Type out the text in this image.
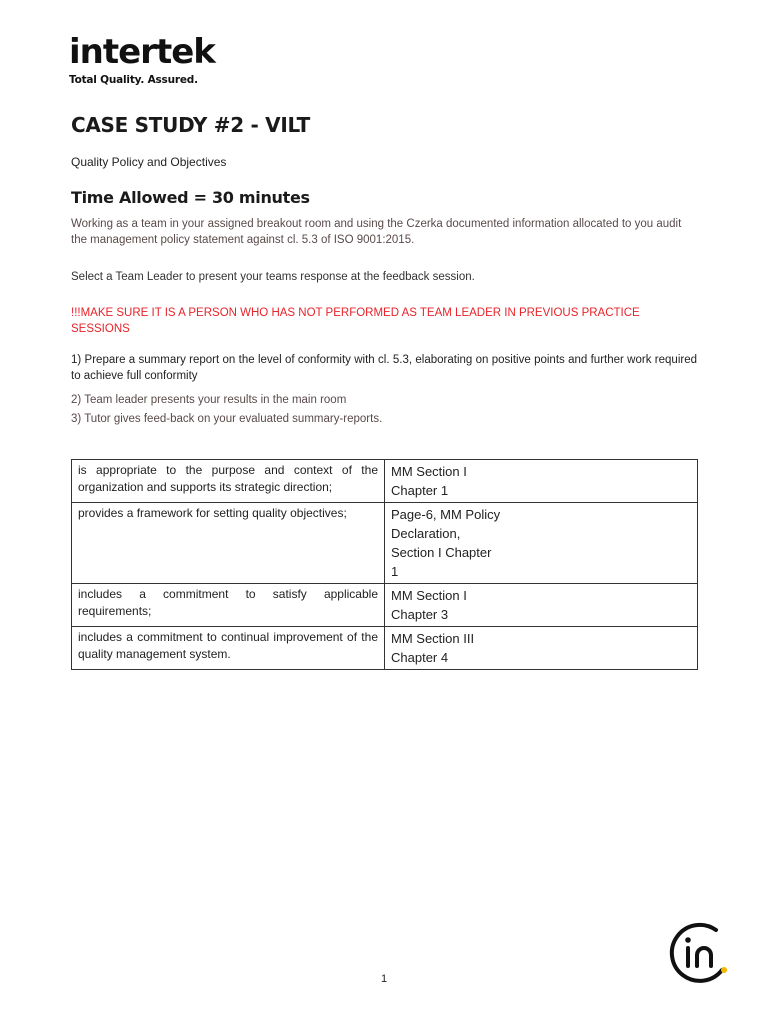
intertek
Total Quality. Assured.
CASE STUDY #2 - VILT
Quality Policy and Objectives
Time Allowed = 30 minutes
Working as a team in your assigned breakout room and using the Czerka documented information allocated to you audit the management policy statement against cl. 5.3 of ISO 9001:2015.
Select a Team Leader to present your teams response at the feedback session.
!!!MAKE SURE IT IS A PERSON WHO HAS NOT PERFORMED AS TEAM LEADER IN PREVIOUS PRACTICE SESSIONS
1) Prepare a summary report on the level of conformity with cl. 5.3, elaborating on positive points and further work required to achieve full conformity
2) Team leader presents your results in the main room
3) Tutor gives feed-back on your evaluated summary-reports.
is appropriate to the purpose and context of the organization and supports its strategic direction;	MM Section I
Chapter 1

provides a framework for setting quality objectives;	Page-6, MM Policy
Declaration,
Section I Chapter
1

includes a commitment to satisfy applicable requirements;	MM Section I
Chapter 3

includes a commitment to continual improvement of the quality management system.	MM Section III
Chapter 4
1
